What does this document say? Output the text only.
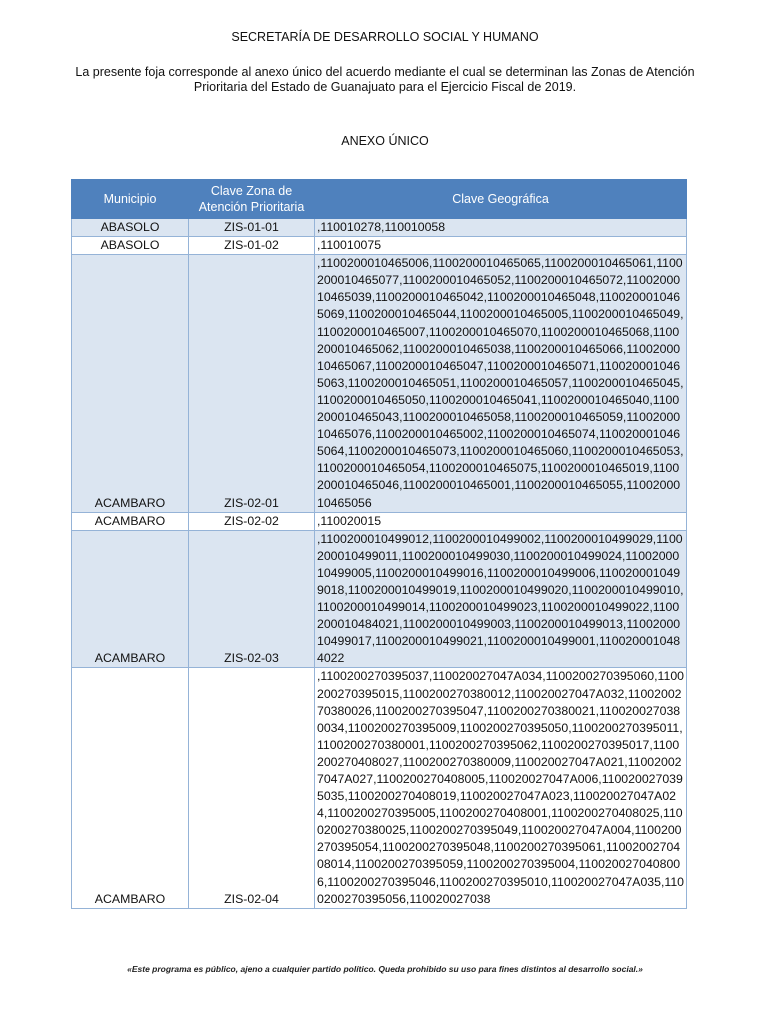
SECRETARÍA DE DESARROLLO SOCIAL Y HUMANO
La presente foja corresponde al anexo único del acuerdo mediante el cual se determinan las Zonas de Atención Prioritaria del Estado de Guanajuato para el Ejercicio Fiscal de 2019.
ANEXO ÚNICO
Municipio	Clave Zona de Atención Prioritaria	Clave Geográfica
ABASOLO	ZIS-01-01	,110010278,110010058
ABASOLO	ZIS-01-02	,110010075
ACAMBARO	ZIS-02-01	,1100200010465006,1100200010465065,1100200010465061,1100200010465077,1100200010465052,1100200010465072,1100200010465039,1100200010465042,1100200010465048,1100200010465069,1100200010465044,1100200010465005,1100200010465049,1100200010465007,1100200010465070,1100200010465068,1100200010465062,1100200010465038,1100200010465066,1100200010465067,1100200010465047,1100200010465071,1100200010465063,1100200010465051,1100200010465057,1100200010465045,1100200010465050,1100200010465041,1100200010465040,1100200010465043,1100200010465058,1100200010465059,1100200010465076,1100200010465002,1100200010465074,1100200010465064,1100200010465073,1100200010465060,1100200010465053,1100200010465054,1100200010465075,1100200010465019,1100200010465046,1100200010465001,1100200010465055,1100200010465056
ACAMBARO	ZIS-02-02	,110020015
ACAMBARO	ZIS-02-03	,1100200010499012,1100200010499002,1100200010499029,1100200010499011,1100200010499030,1100200010499024,1100200010499005,1100200010499016,1100200010499006,1100200010499018,1100200010499019,1100200010499020,1100200010499010,1100200010499014,1100200010499023,1100200010499022,1100200010484021,1100200010499003,1100200010499013,1100200010499017,1100200010499021,1100200010499001,1100200010484022
ACAMBARO	ZIS-02-04	,1100200270395037,110020027047A034,1100200270395060,1100200270395015,1100200270380012,110020027047A032,1100200270380026,1100200270395047,1100200270380021,1100200270380034,1100200270395009,1100200270395050,1100200270395011,1100200270380001,1100200270395062,1100200270395017,1100200270408027,1100200270380009,110020027047A021,110020027047A027,1100200270408005,110020027047A006,1100200270395035,1100200270408019,110020027047A023,110020027047A024,1100200270395005,1100200270408001,1100200270408025,1100200270380025,1100200270395049,110020027047A004,1100200270395054,1100200270395048,1100200270395061,1100200270408014,1100200270395059,1100200270395004,1100200270408006,1100200270395046,1100200270395010,110020027047A035,1100200270395056,110020027038
«Este programa es público, ajeno a cualquier partido político. Queda prohibido su uso para fines distintos al desarrollo social.»
